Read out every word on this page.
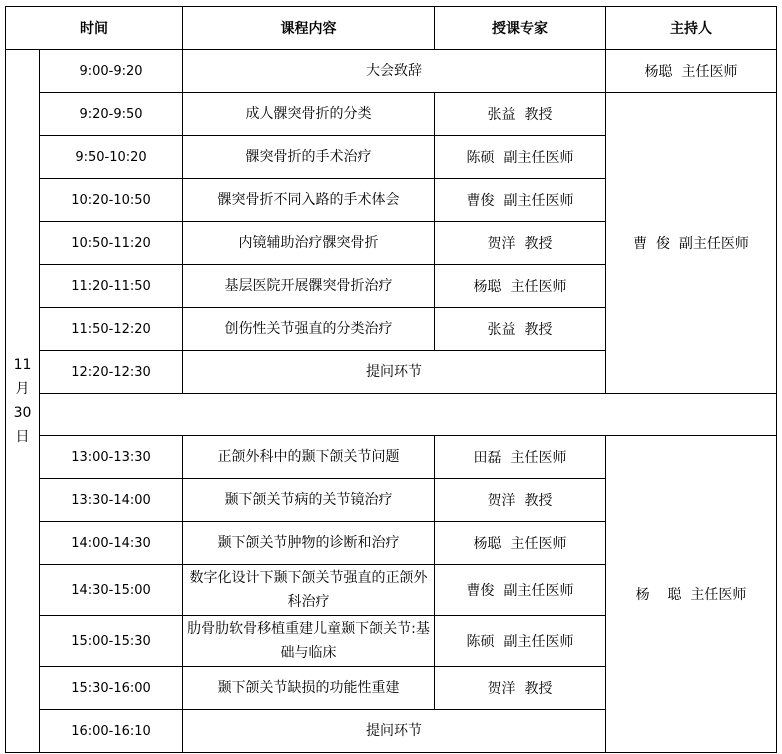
时间		课程内容	授课专家	主持人

11
月
30
日	9:00-9:20	大会致辞		杨聪  主任医师
	9:20-9:50	成人髁突骨折的分类	张益  教授	曹  俊  副主任医师
	9:50-10:20	髁突骨折的手术治疗	陈硕  副主任医师	
	10:20-10:50	髁突骨折不同入路的手术体会	曹俊  副主任医师	
	10:50-11:20	内镜辅助治疗髁突骨折	贺洋  教授	
	11:20-11:50	基层医院开展髁突骨折治疗	杨聪  主任医师	
	11:50-12:20	创伤性关节强直的分类治疗	张益  教授	
	12:20-12:30	提问环节		

	13:00-13:30	正颌外科中的颞下颌关节问题	田磊  主任医师	杨    聪  主任医师
	13:30-14:00	颞下颌关节病的关节镜治疗	贺洋  教授	
	14:00-14:30	颞下颌关节肿物的诊断和治疗	杨聪  主任医师	
	14:30-15:00	数字化设计下颞下颌关节强直的正颌外科治疗	曹俊  副主任医师	
	15:00-15:30	肋骨肋软骨移植重建儿童颞下颌关节:基础与临床	陈硕  副主任医师	
	15:30-16:00	颞下颌关节缺损的功能性重建	贺洋  教授	
	16:00-16:10	提问环节		
